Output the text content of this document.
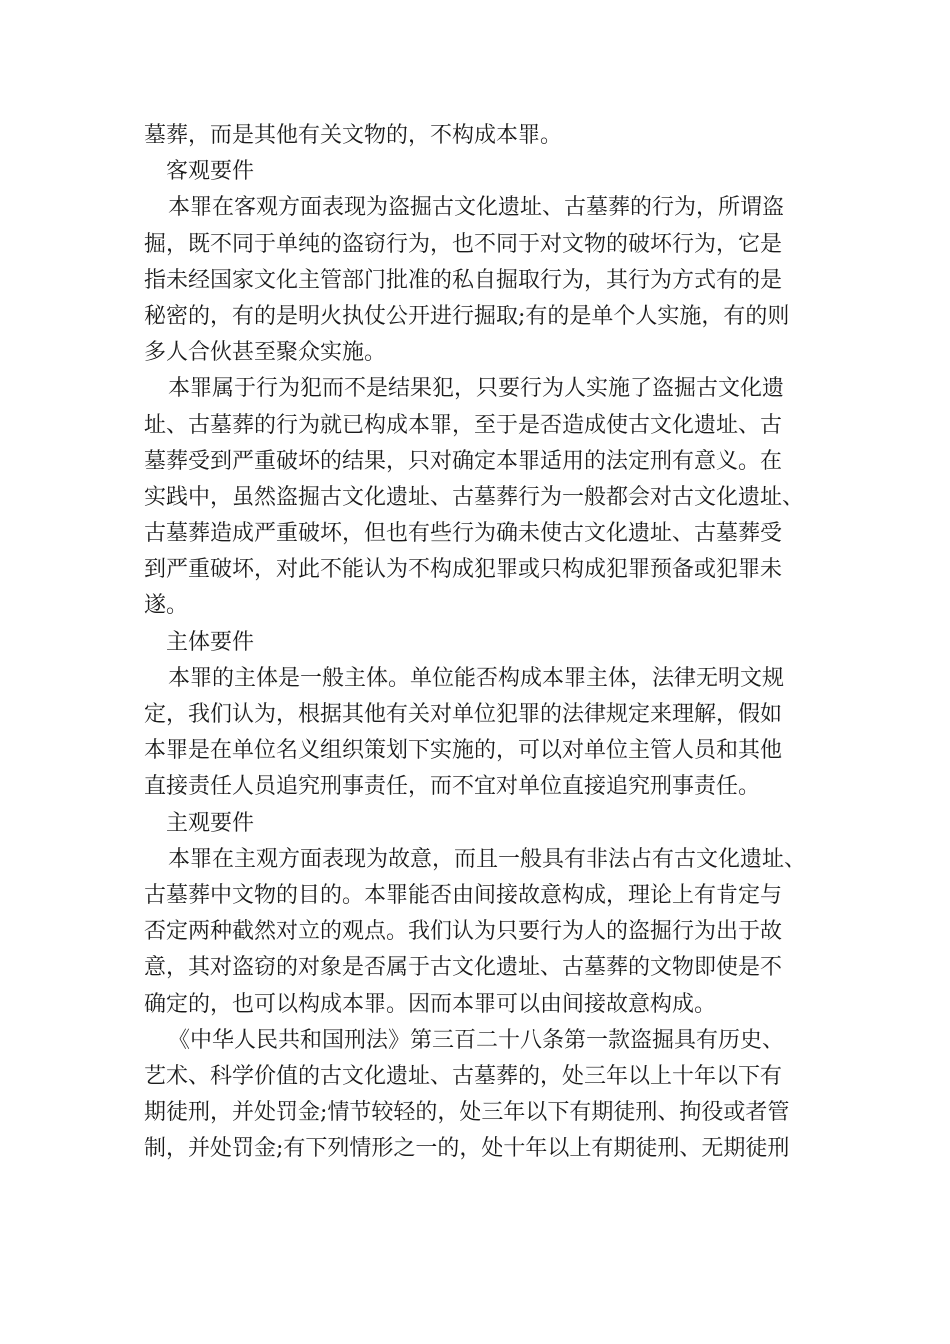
墓葬，而是其他有关文物的，不构成本罪。
客观要件
本罪在客观方面表现为盗掘古文化遗址、古墓葬的行为，所谓盗
掘，既不同于单纯的盗窃行为，也不同于对文物的破坏行为，它是
指未经国家文化主管部门批准的私自掘取行为，其行为方式有的是
秘密的，有的是明火执仗公开进行掘取;有的是单个人实施，有的则
多人合伙甚至聚众实施。
本罪属于行为犯而不是结果犯，只要行为人实施了盗掘古文化遗
址、古墓葬的行为就已构成本罪，至于是否造成使古文化遗址、古
墓葬受到严重破坏的结果，只对确定本罪适用的法定刑有意义。在
实践中，虽然盗掘古文化遗址、古墓葬行为一般都会对古文化遗址、
古墓葬造成严重破坏，但也有些行为确未使古文化遗址、古墓葬受
到严重破坏，对此不能认为不构成犯罪或只构成犯罪预备或犯罪未
遂。
主体要件
本罪的主体是一般主体。单位能否构成本罪主体，法律无明文规
定，我们认为，根据其他有关对单位犯罪的法律规定来理解，假如
本罪是在单位名义组织策划下实施的，可以对单位主管人员和其他
直接责任人员追究刑事责任，而不宜对单位直接追究刑事责任。
主观要件
本罪在主观方面表现为故意，而且一般具有非法占有古文化遗址、
古墓葬中文物的目的。本罪能否由间接故意构成，理论上有肯定与
否定两种截然对立的观点。我们认为只要行为人的盗掘行为出于故
意，其对盗窃的对象是否属于古文化遗址、古墓葬的文物即使是不
确定的，也可以构成本罪。因而本罪可以由间接故意构成。
《中华人民共和国刑法》第三百二十八条第一款盗掘具有历史、
艺术、科学价值的古文化遗址、古墓葬的，处三年以上十年以下有
期徒刑，并处罚金;情节较轻的，处三年以下有期徒刑、拘役或者管
制，并处罚金;有下列情形之一的，处十年以上有期徒刑、无期徒刑
